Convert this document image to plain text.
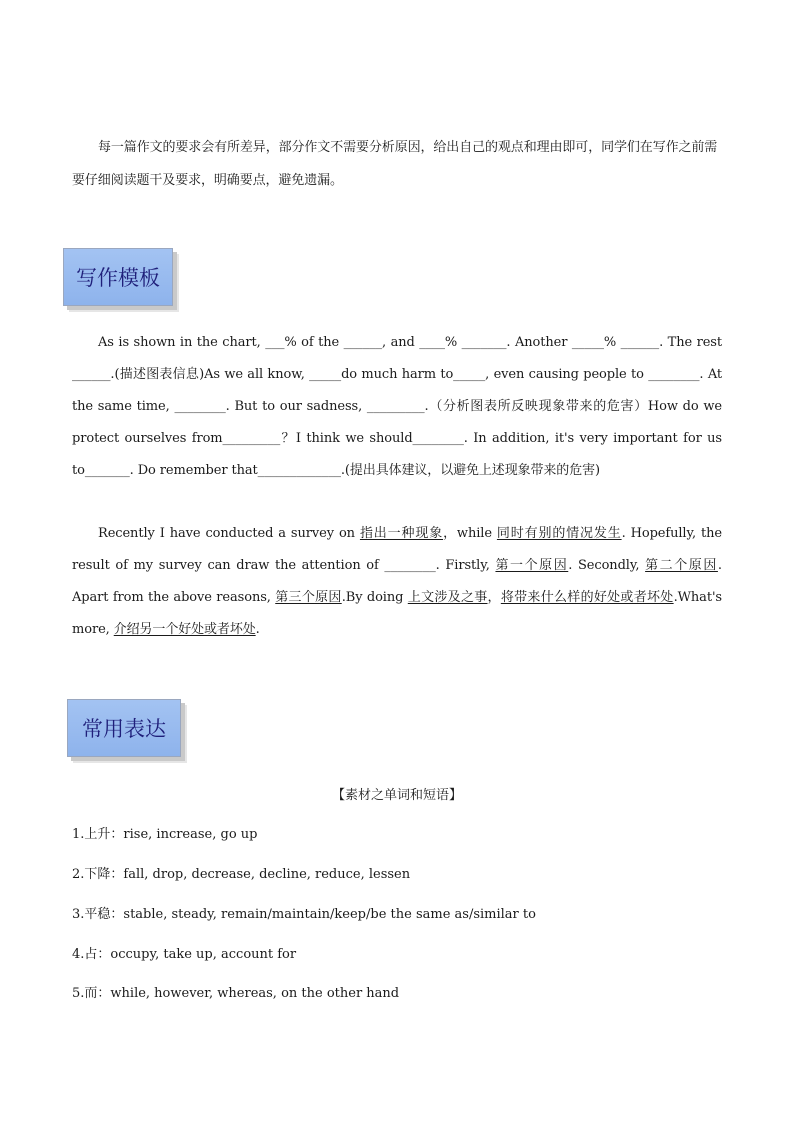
每一篇作文的要求会有所差异，部分作文不需要分析原因，给出自己的观点和理由即可，同学们在写作之前需要仔细阅读题干及要求，明确要点，避免遗漏。

写作模板

As is shown in the chart, ___% of the ______, and ____% _______. Another _____% ______. The rest ______.(描述图表信息)As we all know, _____do much harm to_____, even causing people to ________. At the same time, ________. But to our sadness, _________.（分析图表所反映现象带来的危害）How do we protect ourselves from_________？I think we should________. In addition, it's very important for us to_______. Do remember that_____________.(提出具体建议，以避免上述现象带来的危害)

Recently I have conducted a survey on 指出一种现象，while 同时有别的情况发生. Hopefully, the result of my survey can draw the attention of ________. Firstly, 第一个原因. Secondly, 第二个原因. Apart from the above reasons, 第三个原因.By doing 上文涉及之事，将带来什么样的好处或者坏处.What's more, 介绍另一个好处或者坏处.

常用表达
【素材之单词和短语】
1.上升：rise, increase, go up
2.下降：fall, drop, decrease, decline, reduce, lessen
3.平稳：stable, steady, remain/maintain/keep/be the same as/similar to
4.占：occupy, take up, account for
5.而：while, however, whereas, on the other hand
